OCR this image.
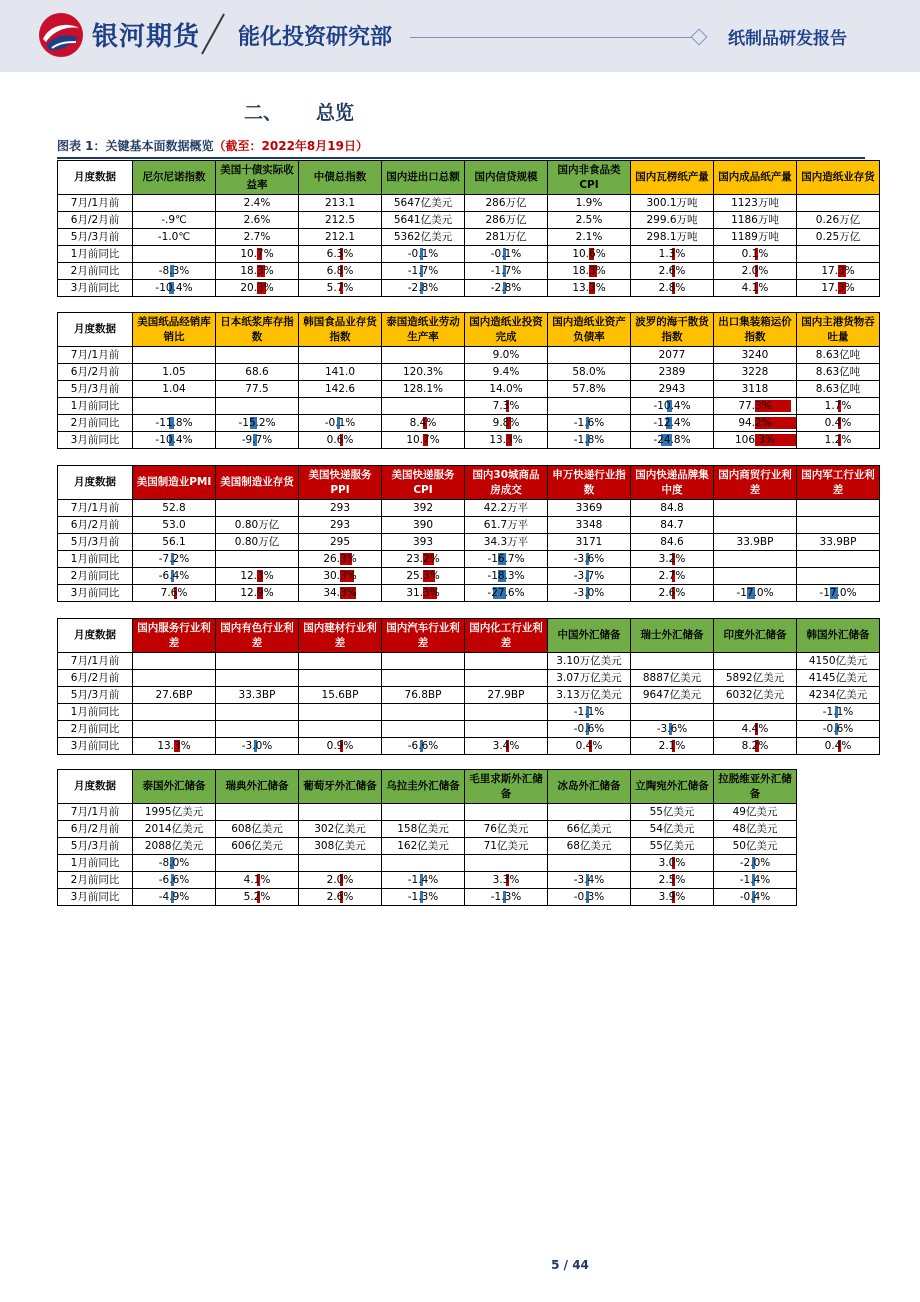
银河期货 能化投资研究部	纸制品研发报告
二、 总览
图表 1：关键基本面数据概览（截至：2022年8月19日）
月度数据	尼尔尼诺指数	美国十债实际收益率	中债总指数	国内进出口总额	国内信贷规模	国内非食品类CPI	国内瓦楞纸产量	国内成品纸产量	国内造纸业存货
7月/1月前		2.4%	213.1	5647亿美元	286万亿	1.9%	300.1万吨	1123万吨	
6月/2月前	-.9℃	2.6%	212.5	5641亿美元	286万亿	2.5%	299.6万吨	1186万吨	0.26万亿
5月/3月前	-1.0℃	2.7%	212.1	5362亿美元	281万亿	2.1%	298.1万吨	1189万吨	0.25万亿
1月前同比		10.7%	6.3%	-0.1%	-0.1%	10.6%	1.3%	0.1%	
2月前同比	-8.3%	18.3%	6.8%	-1.7%	-1.7%	18.3%	2.6%	2.0%	17.3%
3月前同比	-10.4%	20.3%	5.7%	-2.8%	-2.8%	13.3%	2.8%	4.1%	17.3%
月度数据	美国纸品经销库销比	日本纸浆库存指数	韩国食品业存货指数	泰国造纸业劳动生产率	国内造纸业投资完成	国内造纸业资产负债率	波罗的海干散货指数	出口集装箱运价指数	国内主港货物吞吐量
7月/1月前					9.0%		2077	3240	8.63亿吨
6月/2月前	1.05	68.6	141.0	120.3%	9.4%	58.0%	2389	3228	8.63亿吨
5月/3月前	1.04	77.5	142.6	128.1%	14.0%	57.8%	2943	3118	8.63亿吨
1月前同比					7.3%		-10.4%	77.3%	1.7%
2月前同比	-11.8%	-15.2%	-0.1%	8.4%	9.8%	-1.6%	-12.4%	94.2%	0.4%
3月前同比	-10.4%	-9.7%	0.6%	10.7%	13.3%	-1.8%	-24.8%	106.3%	1.2%
月度数据	美国制造业PMI	美国制造业存货	美国快递服务PPI	美国快递服务CPI	国内30城商品房成交	申万快递行业指数	国内快递品牌集中度	国内商贸行业利差	国内军工行业利差
7月/1月前	52.8		293	392	42.2万平	3369	84.8		
6月/2月前	53.0	0.80万亿	293	390	61.7万平	3348	84.7		
5月/3月前	56.1	0.80万亿	295	393	34.3万平	3171	84.6	33.9BP	33.9BP
1月前同比	-7.2%		26.3%	23.2%	-16.7%	-3.6%	3.2%		
2月前同比	-6.4%	12.3%	30.3%	25.3%	-18.3%	-3.7%	2.7%		
3月前同比	7.6%	12.9%	34.3%	31.3%	-27.6%	-3.0%	2.6%	-17.0%	-17.0%
月度数据	国内服务行业利差	国内有色行业利差	国内建材行业利差	国内汽车行业利差	国内化工行业利差	中国外汇储备	瑞士外汇储备	印度外汇储备	韩国外汇储备
7月/1月前						3.10万亿美元			4150亿美元
6月/2月前						3.07万亿美元	8887亿美元	5892亿美元	4145亿美元
5月/3月前	27.6BP	33.3BP	15.6BP	76.8BP	27.9BP	3.13万亿美元	9647亿美元	6032亿美元	4234亿美元
1月前同比						-1.1%			-1.1%
2月前同比						-0.6%	-3.6%	4.4%	-0.6%
3月前同比	13.3%	-3.0%	0.9%	-6.6%	3.4%	0.4%	2.1%	8.2%	0.4%
月度数据	泰国外汇储备	瑞典外汇储备	葡萄牙外汇储备	乌拉圭外汇储备	毛里求斯外汇储备	冰岛外汇储备	立陶宛外汇储备	拉脱维亚外汇储备
7月/1月前	1995亿美元						55亿美元	49亿美元
6月/2月前	2014亿美元	608亿美元	302亿美元	158亿美元	76亿美元	66亿美元	54亿美元	48亿美元
5月/3月前	2088亿美元	606亿美元	308亿美元	162亿美元	71亿美元	68亿美元	55亿美元	50亿美元
1月前同比	-8.0%						3.0%	-2.0%
2月前同比	-6.6%	4.1%	2.0%	-1.4%	3.3%	-3.4%	2.5%	-1.4%
3月前同比	-4.9%	5.2%	2.6%	-1.3%	-1.3%	-0.3%	3.9%	-0.4%
5 / 44
